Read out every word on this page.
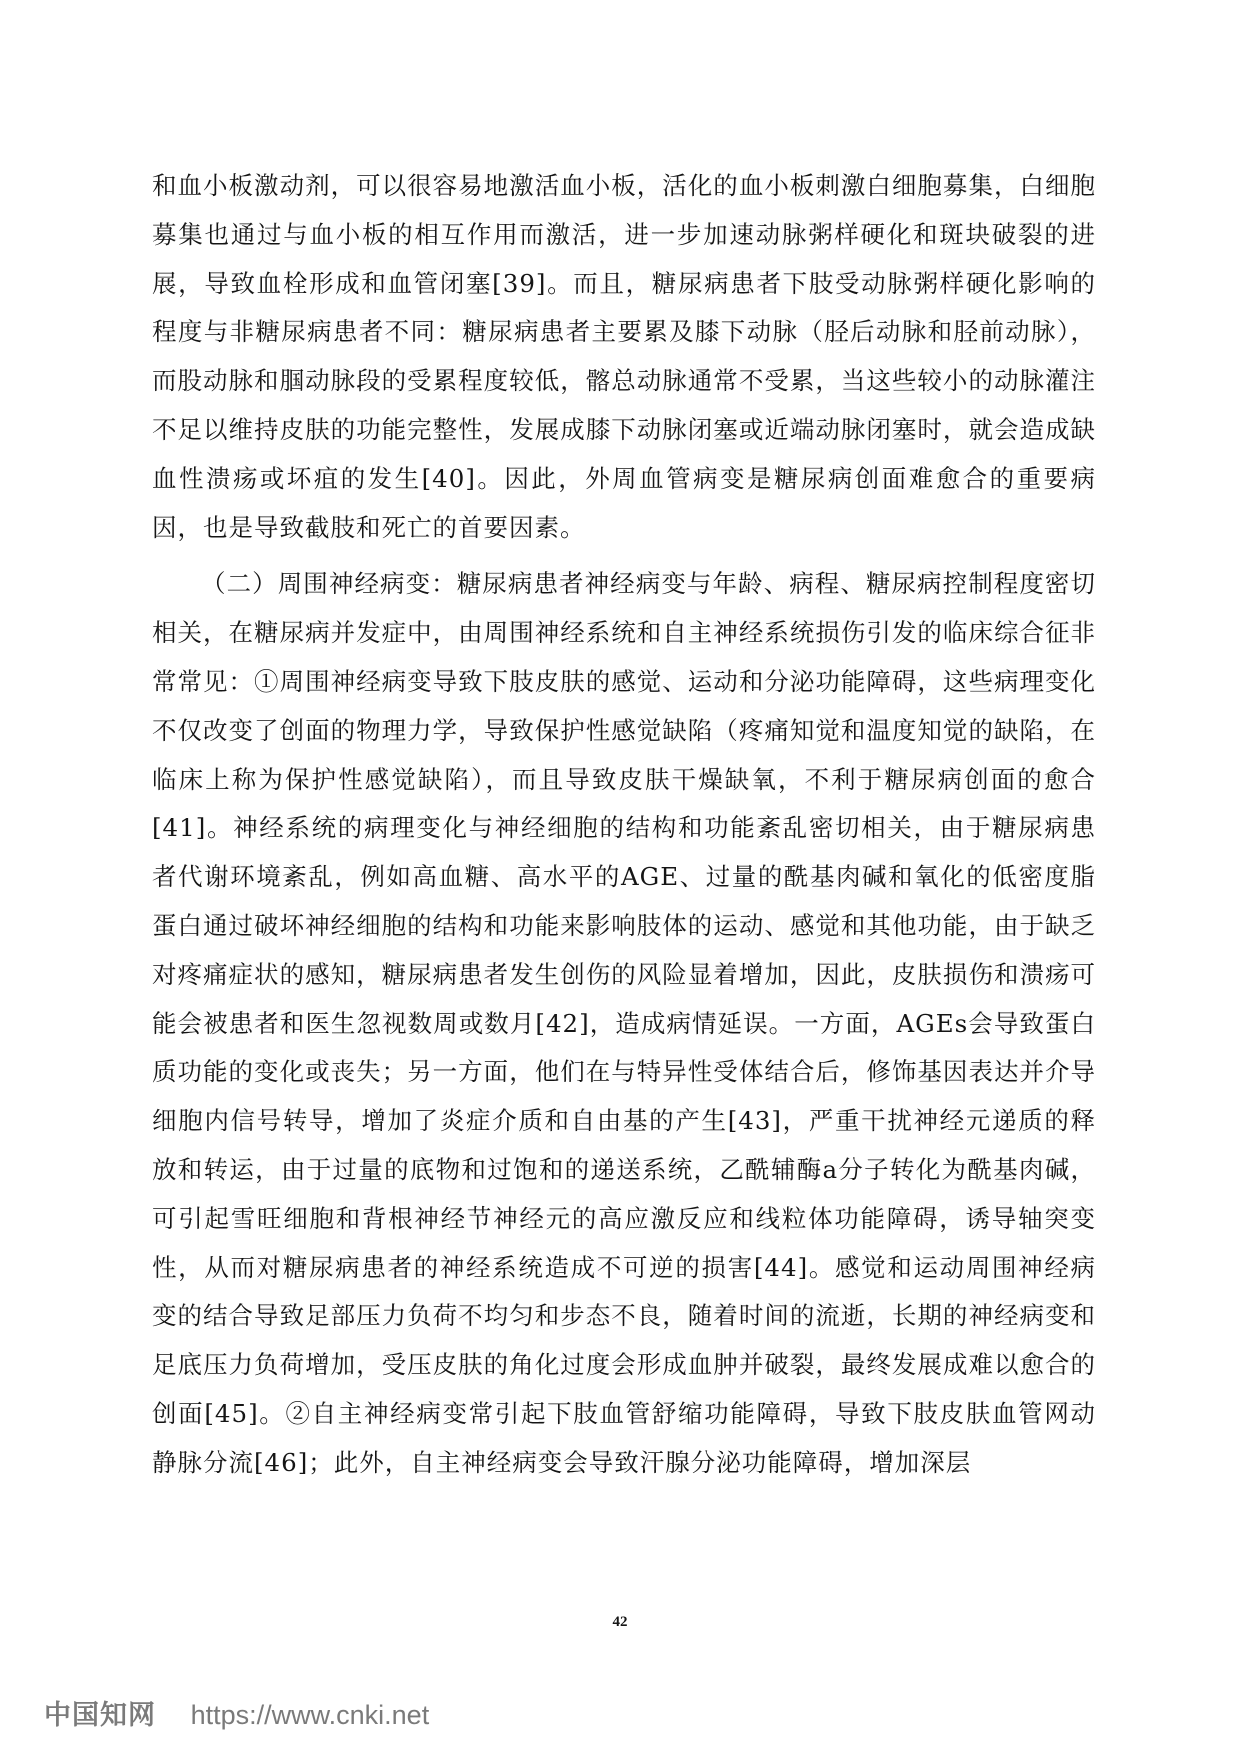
和血小板激动剂，可以很容易地激活血小板，活化的血小板刺激白细胞募集，白细胞募集也通过与血小板的相互作用而激活，进一步加速动脉粥样硬化和斑块破裂的进展，导致血栓形成和血管闭塞[39]。而且，糖尿病患者下肢受动脉粥样硬化影响的程度与非糖尿病患者不同：糖尿病患者主要累及膝下动脉（胫后动脉和胫前动脉），而股动脉和腘动脉段的受累程度较低，髂总动脉通常不受累，当这些较小的动脉灌注不足以维持皮肤的功能完整性，发展成膝下动脉闭塞或近端动脉闭塞时，就会造成缺血性溃疡或坏疽的发生[40]。因此，外周血管病变是糖尿病创面难愈合的重要病因，也是导致截肢和死亡的首要因素。

（二）周围神经病变：糖尿病患者神经病变与年龄、病程、糖尿病控制程度密切相关，在糖尿病并发症中，由周围神经系统和自主神经系统损伤引发的临床综合征非常常见：①周围神经病变导致下肢皮肤的感觉、运动和分泌功能障碍，这些病理变化不仅改变了创面的物理力学，导致保护性感觉缺陷（疼痛知觉和温度知觉的缺陷，在临床上称为保护性感觉缺陷），而且导致皮肤干燥缺氧，不利于糖尿病创面的愈合[41]。神经系统的病理变化与神经细胞的结构和功能紊乱密切相关，由于糖尿病患者代谢环境紊乱，例如高血糖、高水平的AGE、过量的酰基肉碱和氧化的低密度脂蛋白通过破坏神经细胞的结构和功能来影响肢体的运动、感觉和其他功能，由于缺乏对疼痛症状的感知，糖尿病患者发生创伤的风险显着增加，因此，皮肤损伤和溃疡可能会被患者和医生忽视数周或数月[42]，造成病情延误。一方面，AGEs会导致蛋白质功能的变化或丧失；另一方面，他们在与特异性受体结合后，修饰基因表达并介导细胞内信号转导，增加了炎症介质和自由基的产生[43]，严重干扰神经元递质的释放和转运，由于过量的底物和过饱和的递送系统，乙酰辅酶a分子转化为酰基肉碱，可引起雪旺细胞和背根神经节神经元的高应激反应和线粒体功能障碍，诱导轴突变性，从而对糖尿病患者的神经系统造成不可逆的损害[44]。感觉和运动周围神经病变的结合导致足部压力负荷不均匀和步态不良，随着时间的流逝，长期的神经病变和足底压力负荷增加，受压皮肤的角化过度会形成血肿并破裂，最终发展成难以愈合的创面[45]。②自主神经病变常引起下肢血管舒缩功能障碍，导致下肢皮肤血管网动静脉分流[46]；此外，自主神经病变会导致汗腺分泌功能障碍，增加深层

42
中国知网 https://www.cnki.net
